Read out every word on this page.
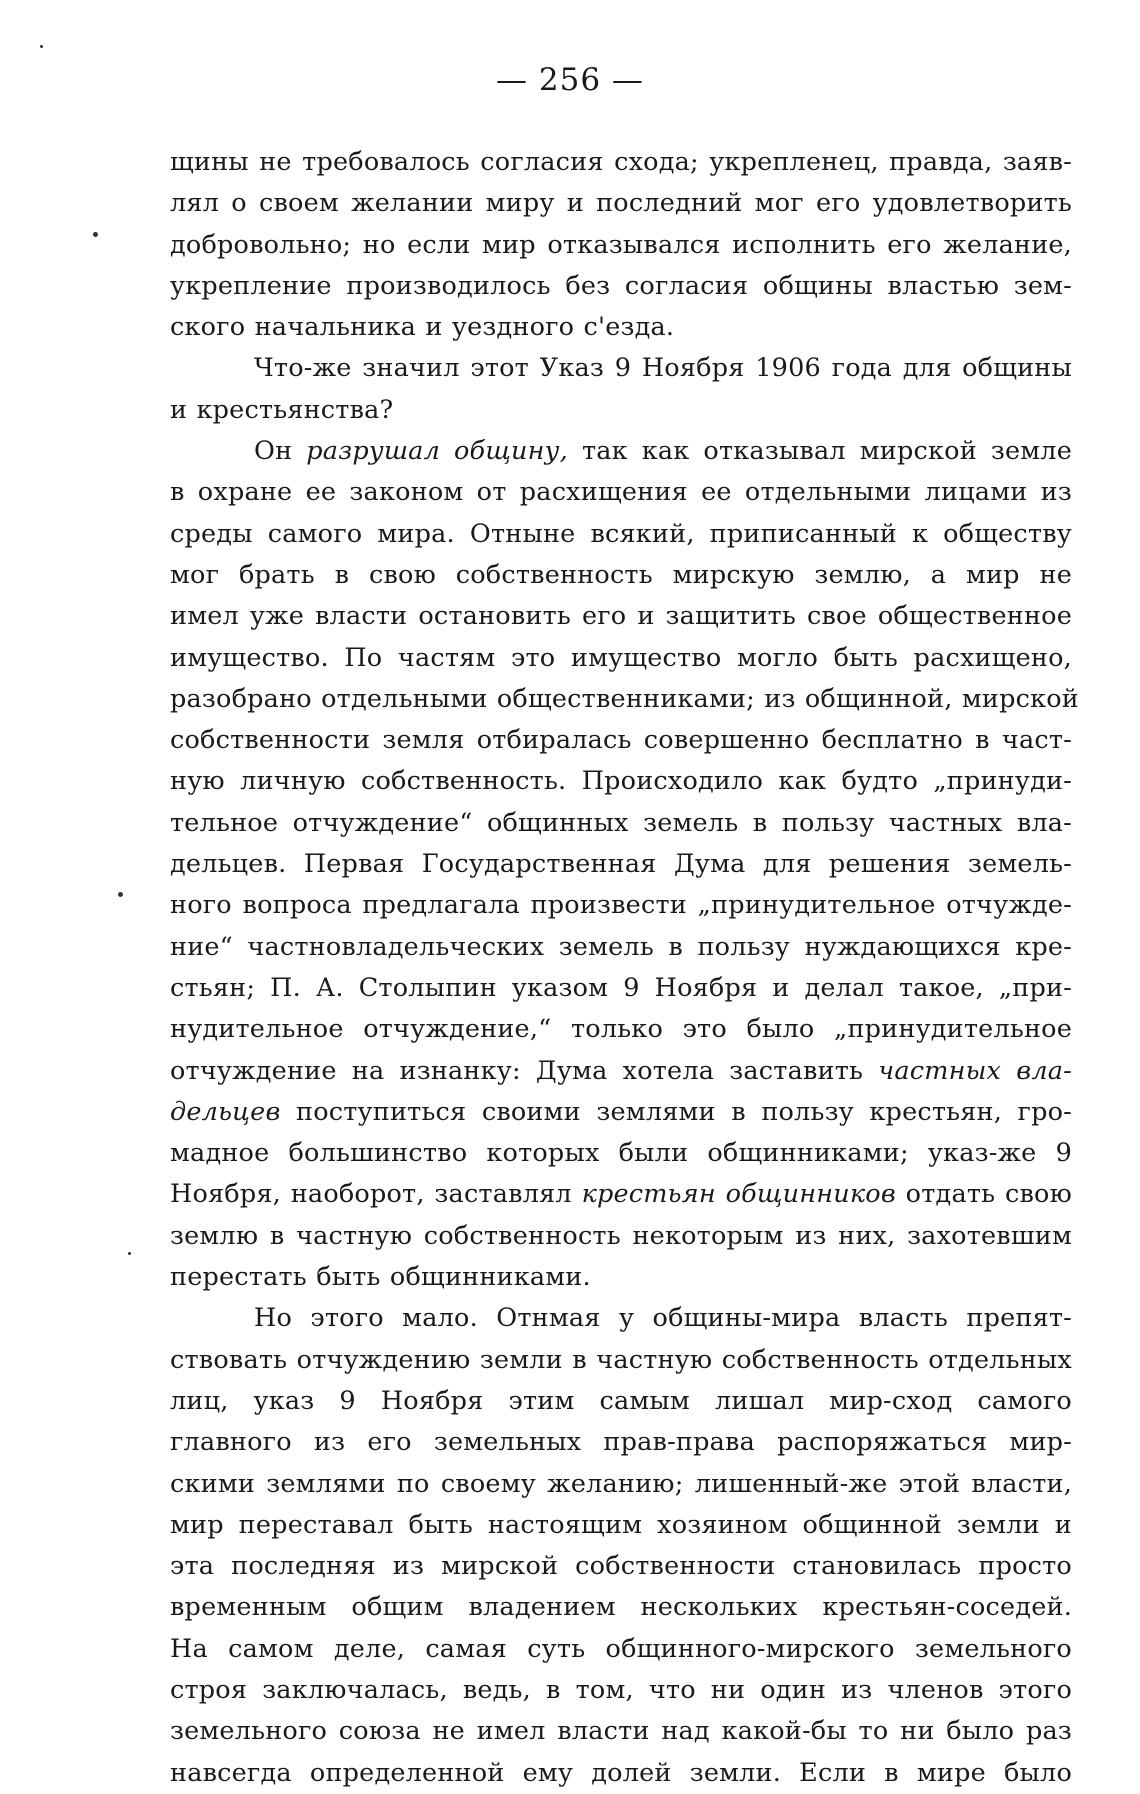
— 256 —
щины не требовалось согласия схода; укрепленец, правда, заяв-
лял о своем желании миру и последний мог его удовлетворить
добровольно; но если мир отказывался исполнить его желание,
укрепление производилось без согласия общины властью зем-
ского начальника и уездного с'езда.
Что-же значил этот Указ 9 Ноября 1906 года для общины
и крестьянства?
Он разрушал общину, так как отказывал мирской земле
в охране ее законом от расхищения ее отдельными лицами из
среды самого мира. Отныне всякий, приписанный к обществу
мог брать в свою собственность мирскую землю, а мир не
имел уже власти остановить его и защитить свое общественное
имущество. По частям это имущество могло быть расхищено,
разобрано отдельными общественниками; из общинной, мирской
собственности земля отбиралась совершенно бесплатно в част-
ную личную собственность. Происходило как будто „принуди-
тельное отчуждение“ общинных земель в пользу частных вла-
дельцев. Первая Государственная Дума для решения земель-
ного вопроса предлагала произвести „принудительное отчужде-
ние“ частновладельческих земель в пользу нуждающихся кре-
стьян; П. А. Столыпин указом 9 Ноября и делал такое, „при-
нудительное отчуждение,“ только это было „принудительное
отчуждение на изнанку: Дума хотела заставить частных вла-
дельцев поступиться своими землями в пользу крестьян, гро-
мадное большинство которых были общинниками; указ-же 9
Ноября, наоборот, заставлял крестьян общинников отдать свою
землю в частную собственность некоторым из них, захотевшим
перестать быть общинниками.
Но этого мало. Отнмая у общины-мира власть препят-
ствовать отчуждению земли в частную собственность отдельных
лиц, указ 9 Ноября этим самым лишал мир-сход самого
главного из его земельных прав-права распоряжаться мир-
скими землями по своему желанию; лишенный-же этой власти,
мир переставал быть настоящим хозяином общинной земли и
эта последняя из мирской собственности становилась просто
временным общим владением нескольких крестьян-соседей.
На самом деле, самая суть общинного-мирского земельного
строя заключалась, ведь, в том, что ни один из членов этого
земельного союза не имел власти над какой-бы то ни было раз
навсегда определенной ему долей земли. Если в мире было
